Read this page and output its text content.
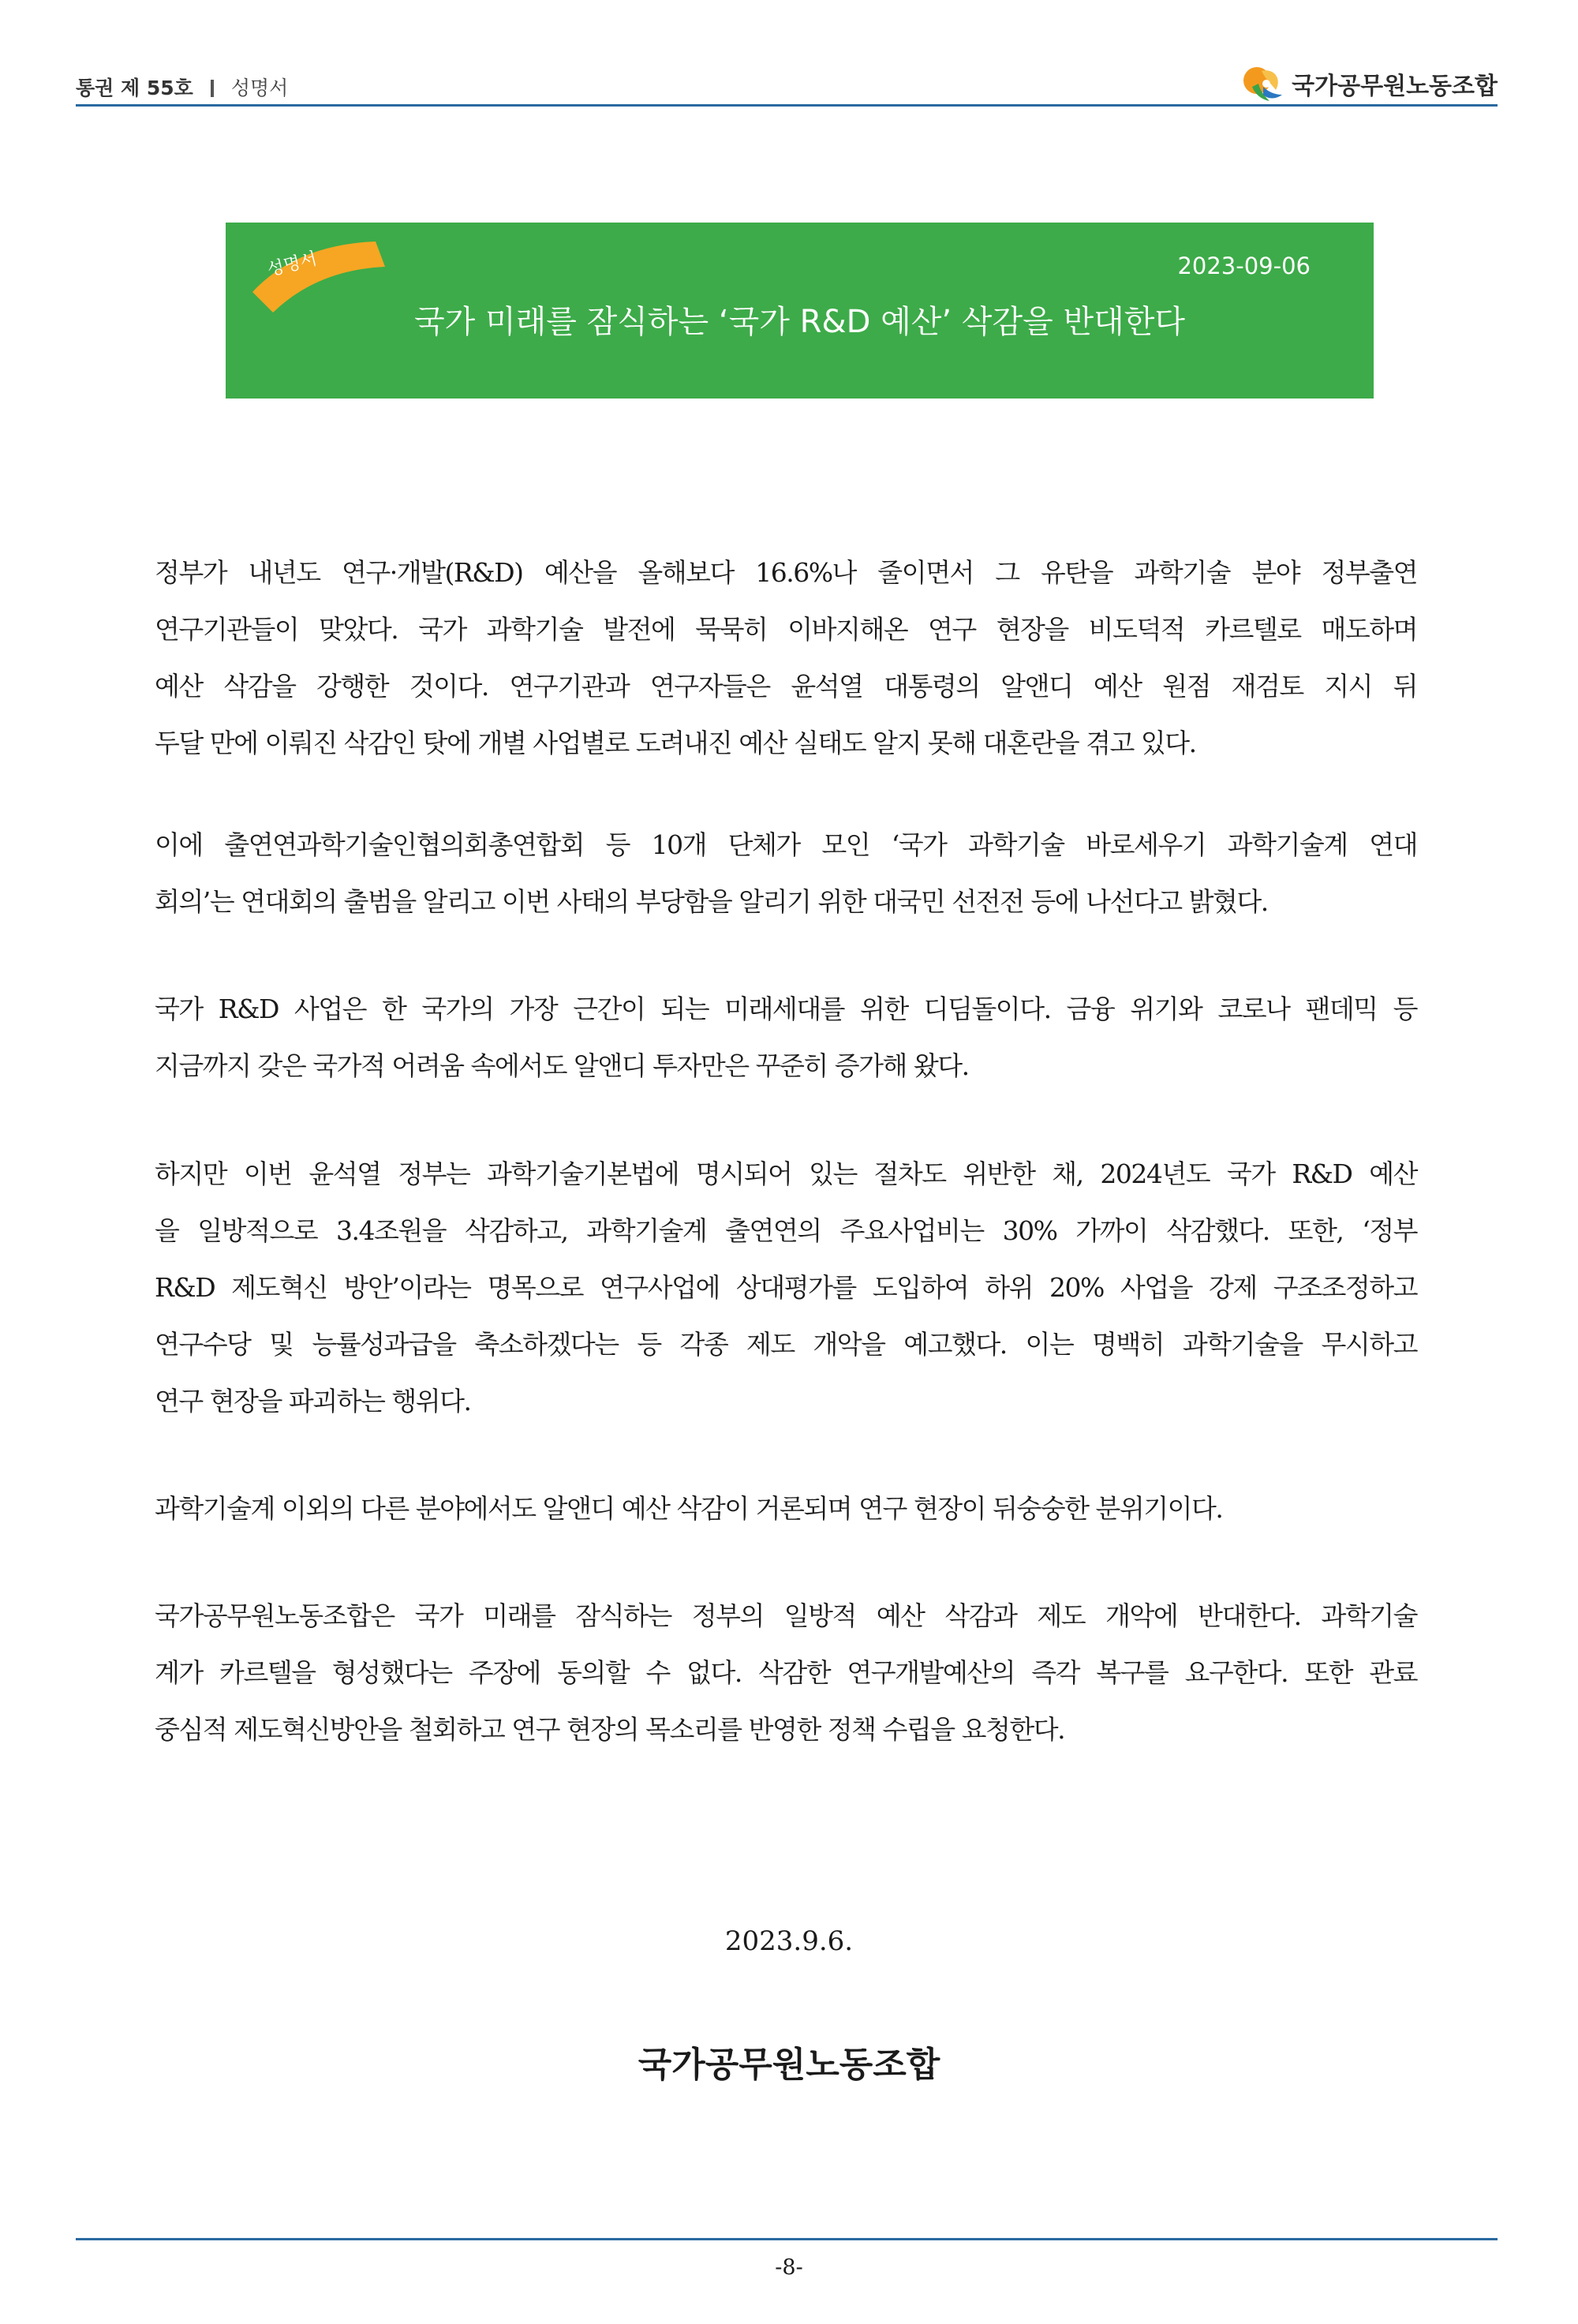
통권 제 55호 성명서	국가공무원노동조합
성명서	2023-09-06
국가 미래를 잠식하는 ‘국가 R&D 예산’ 삭감을 반대한다
정부가 내년도 연구·개발(R&D) 예산을 올해보다 16.6%나 줄이면서 그 유탄을 과학기술 분야 정부출연
연구기관들이 맞았다. 국가 과학기술 발전에 묵묵히 이바지해온 연구 현장을 비도덕적 카르텔로 매도하며
예산 삭감을 강행한 것이다. 연구기관과 연구자들은 윤석열 대통령의 알앤디 예산 원점 재검토 지시 뒤
두달 만에 이뤄진 삭감인 탓에 개별 사업별로 도려내진 예산 실태도 알지 못해 대혼란을 겪고 있다.
이에 출연연과학기술인협의회총연합회 등 10개 단체가 모인 ‘국가 과학기술 바로세우기 과학기술계 연대
회의’는 연대회의 출범을 알리고 이번 사태의 부당함을 알리기 위한 대국민 선전전 등에 나선다고 밝혔다.
국가 R&D 사업은 한 국가의 가장 근간이 되는 미래세대를 위한 디딤돌이다. 금융 위기와 코로나 팬데믹 등
지금까지 갖은 국가적 어려움 속에서도 알앤디 투자만은 꾸준히 증가해 왔다.
하지만 이번 윤석열 정부는 과학기술기본법에 명시되어 있는 절차도 위반한 채, 2024년도 국가 R&D 예산
을 일방적으로 3.4조원을 삭감하고, 과학기술계 출연연의 주요사업비는 30% 가까이 삭감했다. 또한, ‘정부
R&D 제도혁신 방안’이라는 명목으로 연구사업에 상대평가를 도입하여 하위 20% 사업을 강제 구조조정하고
연구수당 및 능률성과급을 축소하겠다는 등 각종 제도 개악을 예고했다. 이는 명백히 과학기술을 무시하고
연구 현장을 파괴하는 행위다.
과학기술계 이외의 다른 분야에서도 알앤디 예산 삭감이 거론되며 연구 현장이 뒤숭숭한 분위기이다.
국가공무원노동조합은 국가 미래를 잠식하는 정부의 일방적 예산 삭감과 제도 개악에 반대한다. 과학기술
계가 카르텔을 형성했다는 주장에 동의할 수 없다. 삭감한 연구개발예산의 즉각 복구를 요구한다. 또한 관료
중심적 제도혁신방안을 철회하고 연구 현장의 목소리를 반영한 정책 수립을 요청한다.
2023.9.6.
국가공무원노동조합
-8-
